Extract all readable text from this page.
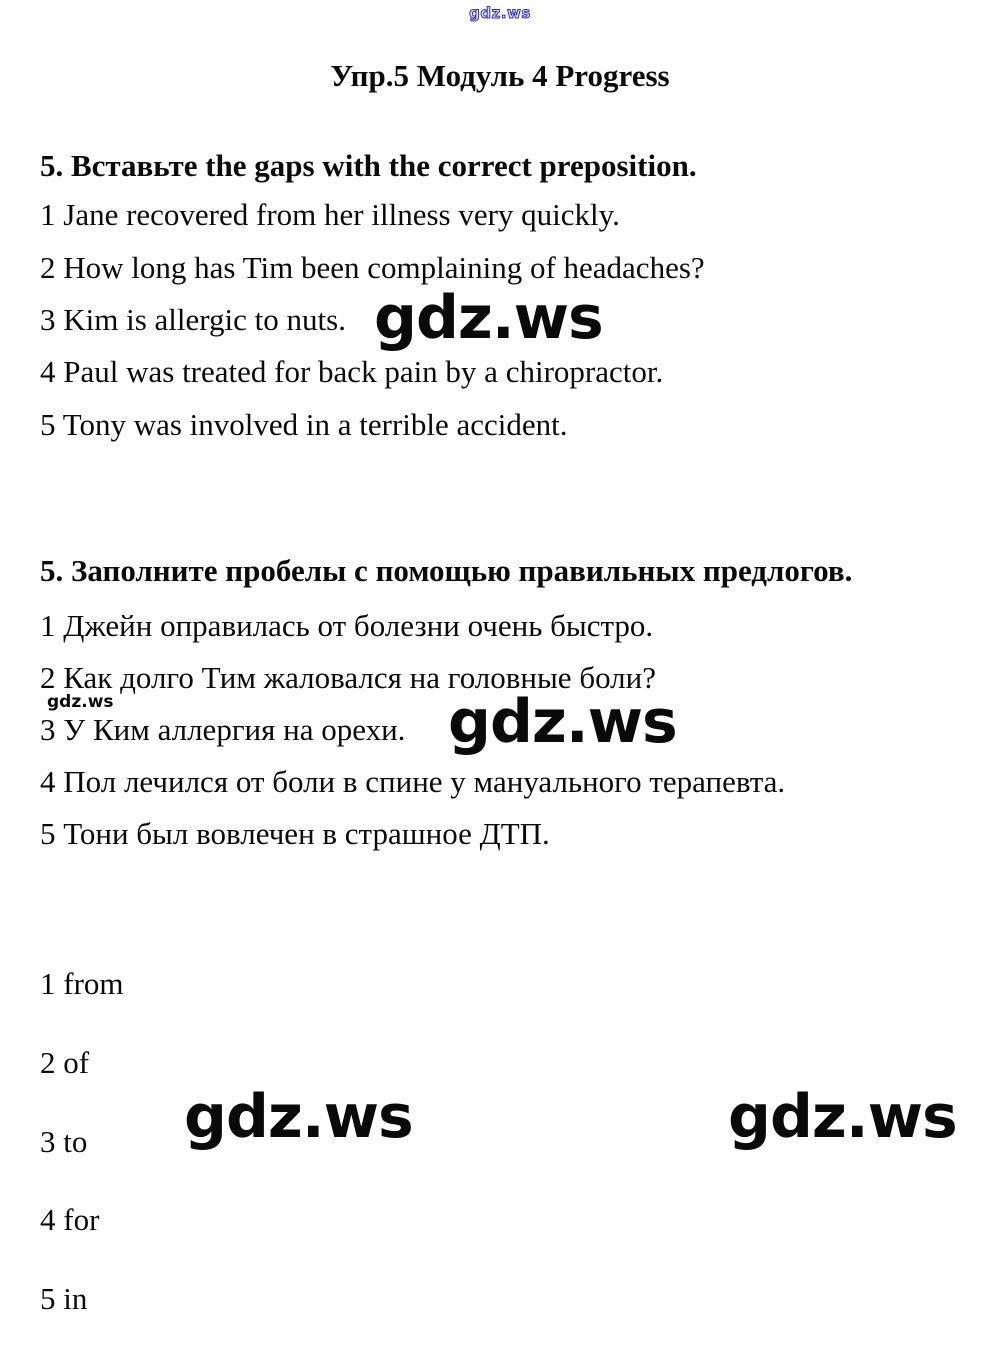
gdz.ws
Упр.5 Модуль 4 Progress
5. Вставьте the gaps with the correct preposition.
1 Jane recovered from her illness very quickly.
2 How long has Tim been complaining of headaches?
3 Kim is allergic to nuts.
4 Paul was treated for back pain by a chiropractor.
5 Tony was involved in a terrible accident.
gdz.ws
5. Заполните пробелы с помощью правильных предлогов.
1 Джейн оправилась от болезни очень быстро.
2 Как долго Тим жаловался на головные боли?
3 У Ким аллергия на орехи.
4 Пол лечился от боли в спине у мануального терапевта.
5 Тони был вовлечен в страшное ДТП.
gdz.ws	gdz.ws
1 from
2 of
3 to
4 for
5 in
gdz.ws	gdz.ws
